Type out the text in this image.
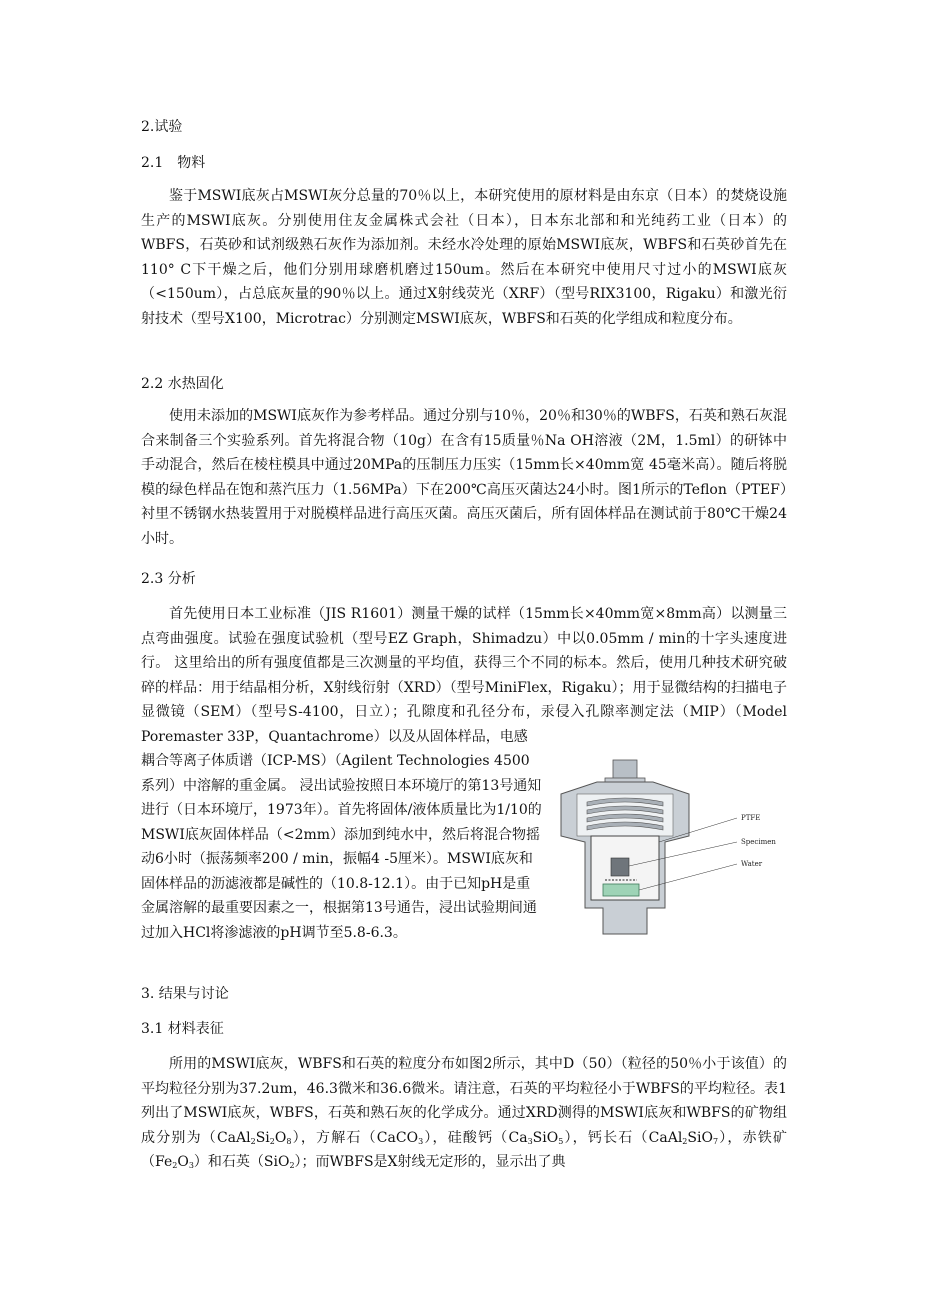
2.试验
2.1　物料

鉴于MSWI底灰占MSWI灰分总量的70％以上，本研究使用的原材料是由东京（日本）的焚烧设施生产的MSWI底灰。分别使用住友金属株式会社（日本），日本东北部和和光纯药工业（日本）的WBFS，石英砂和试剂级熟石灰作为添加剂。未经水冷处理的原始MSWI底灰，WBFS和石英砂首先在110° C下干燥之后，他们分别用球磨机磨过150um。然后在本研究中使用尺寸过小的MSWI底灰（<150um），占总底灰量的90％以上。通过X射线荧光（XRF）（型号RIX3100，Rigaku）和激光衍射技术（型号X100，Microtrac）分别测定MSWI底灰，WBFS和石英的化学组成和粒度分布。

2.2 水热固化

使用未添加的MSWI底灰作为参考样品。通过分别与10％，20％和30％的WBFS，石英和熟石灰混合来制备三个实验系列。首先将混合物（10g）在含有15质量％Na OH溶液（2M，1.5ml）的研钵中手动混合，然后在棱柱模具中通过20MPa的压制压力压实（15mm长×40mm宽 45毫米高）。随后将脱模的绿色样品在饱和蒸汽压力（1.56MPa）下在200℃高压灭菌达24小时。图1所示的Teflon（PTEF）衬里不锈钢水热装置用于对脱模样品进行高压灭菌。高压灭菌后，所有固体样品在测试前于80℃干燥24小时。

2.3 分析

首先使用日本工业标准（JIS R1601）测量干燥的试样（15mm长×40mm宽×8mm高）以测量三点弯曲强度。试验在强度试验机（型号EZ Graph，Shimadzu）中以0.05mm / min的十字头速度进行。 这里给出的所有强度值都是三次测量的平均值，获得三个不同的标本。然后，使用几种技术研究破碎的样品：用于结晶相分析，X射线衍射（XRD）（型号MiniFlex，Rigaku）；用于显微结构的扫描电子显微镜（SEM）（型号S-4100，日立）；孔隙度和孔径分布，汞侵入孔隙率测定法（MIP）（Model Poremaster 33P，Quantachrome）以及从固体样品，电感

耦合等离子体质谱（ICP-MS）（Agilent Technologies 4500系列）中溶解的重金属。 浸出试验按照日本环境厅的第13号通知进行（日本环境厅，1973年）。首先将固体/液体质量比为1/10的MSWI底灰固体样品（<2mm）添加到纯水中，然后将混合物摇动6小时（振荡频率200 / min，振幅4 -5厘米）。MSWI底灰和固体样品的沥滤液都是碱性的（10.8-12.1）。由于已知pH是重金属溶解的最重要因素之一，根据第13号通告，浸出试验期间通过加入HCl将渗滤液的pH调节至5.8-6.3。

PTFE
Specimen
Water
3. 结果与讨论
3.1 材料表征

所用的MSWI底灰，WBFS和石英的粒度分布如图2所示，其中D（50）（粒径的50％小于该值）的平均粒径分别为37.2um，46.3微米和36.6微米。请注意，石英的平均粒径小于WBFS的平均粒径。表1列出了MSWI底灰，WBFS，石英和熟石灰的化学成分。通过XRD测得的MSWI底灰和WBFS的矿物组成分别为$(CaAl_2Si_2O_8)$，方解石（CaCO$_3$），硅酸钙$(Ca_3SiO_5)$，钙长石（CaAl$_2$SiO$_7$），赤铁矿$(Fe_2O_3)$和石英（SiO$_2$）；而WBFS是X射线无定形的，显示出了典
